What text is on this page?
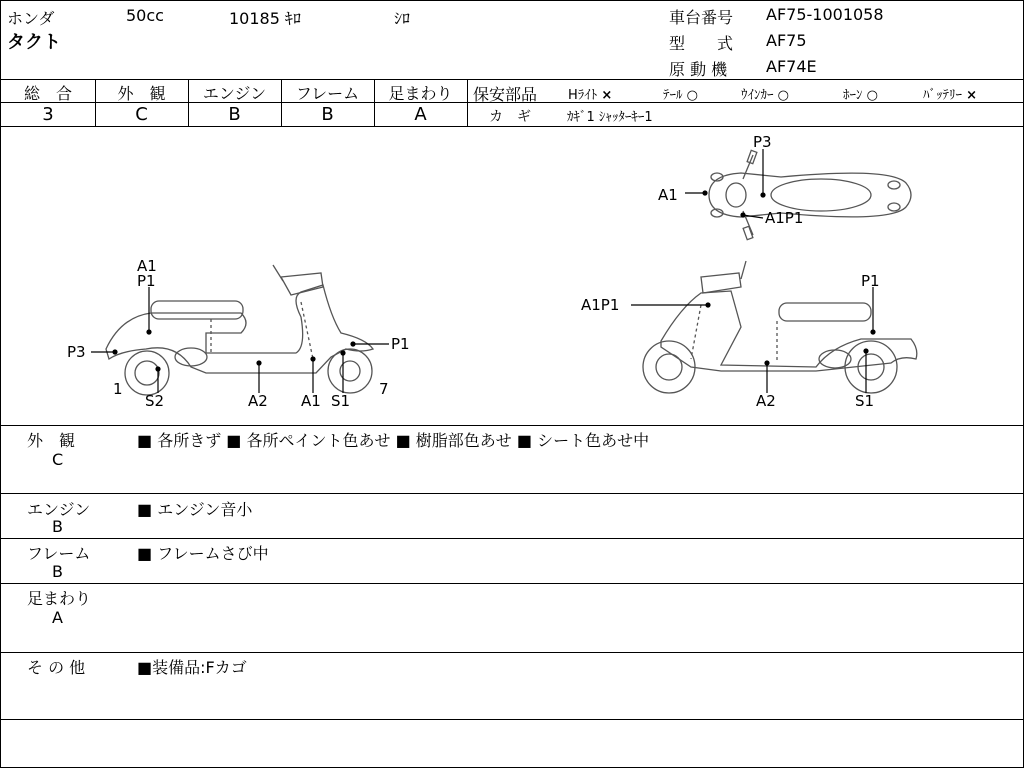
ホンダ	50cc	10185 ｷﾛ	ｼﾛ
タクト
車台番号 AF75-1001058
型　　式 AF75
原 動 機 AF74E
総　合
3
外　観
C
エンジン
B
フレーム
B
足まわり
A
保安部品 Hﾗｲﾄ ×	ﾃｰﾙ ○	ｳｲﾝｶｰ ○	ﾎｰﾝ ○	ﾊﾞｯﾃﾘｰ ×
カ　ギ	ｶｷﾞ1 ｼｬｯﾀｰｷｰ1
P3
A1
A1P1
A1
P1
P3
1
S2	A2 A1 S1
7
P1
P1
A1P1
A2	S1
外　観
C
■ 各所きず ■ 各所ペイント色あせ ■ 樹脂部色あせ ■ シート色あせ中
エンジン
B
■ エンジン音小
フレーム
B
■ フレームさび中
足まわり
A
そ の 他	■装備品:Fカゴ
